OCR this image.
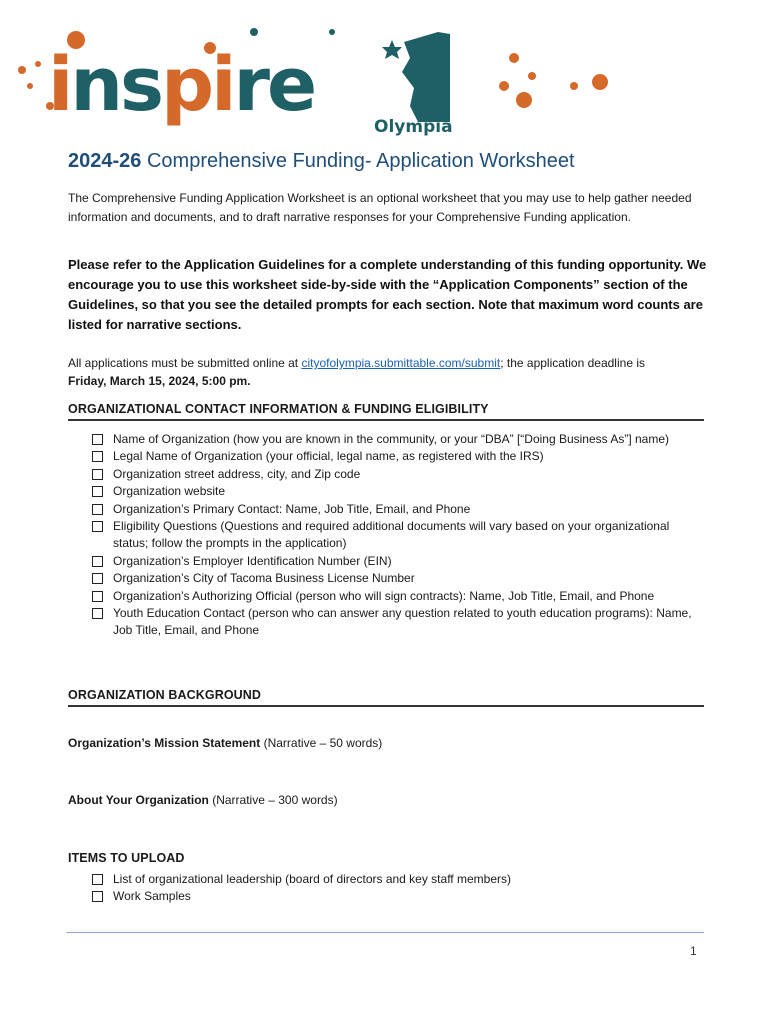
inspire	Olympia
2024-26 Comprehensive Funding- Application Worksheet
The Comprehensive Funding Application Worksheet is an optional worksheet that you may use to help gather needed information and documents, and to draft narrative responses for your Comprehensive Funding application.
Please refer to the Application Guidelines for a complete understanding of this funding opportunity. We encourage you to use this worksheet side-by-side with the “Application Components” section of the Guidelines, so that you see the detailed prompts for each section. Note that maximum word counts are listed for narrative sections.
All applications must be submitted online at cityofolympia.submittable.com/submit; the application deadline is
Friday, March 15, 2024, 5:00 pm.
ORGANIZATIONAL CONTACT INFORMATION & FUNDING ELIGIBILITY
Name of Organization (how you are known in the community, or your “DBA” [“Doing Business As”] name)
Legal Name of Organization (your official, legal name, as registered with the IRS)
Organization street address, city, and Zip code
Organization website
Organization’s Primary Contact: Name, Job Title, Email, and Phone
Eligibility Questions (Questions and required additional documents will vary based on your organizational status; follow the prompts in the application)
Organization’s Employer Identification Number (EIN)
Organization’s City of Tacoma Business License Number
Organization’s Authorizing Official (person who will sign contracts): Name, Job Title, Email, and Phone
Youth Education Contact (person who can answer any question related to youth education programs): Name, Job Title, Email, and Phone
ORGANIZATION BACKGROUND
Organization’s Mission Statement (Narrative – 50 words)
About Your Organization (Narrative – 300 words)
ITEMS TO UPLOAD
List of organizational leadership (board of directors and key staff members)
Work Samples
1
